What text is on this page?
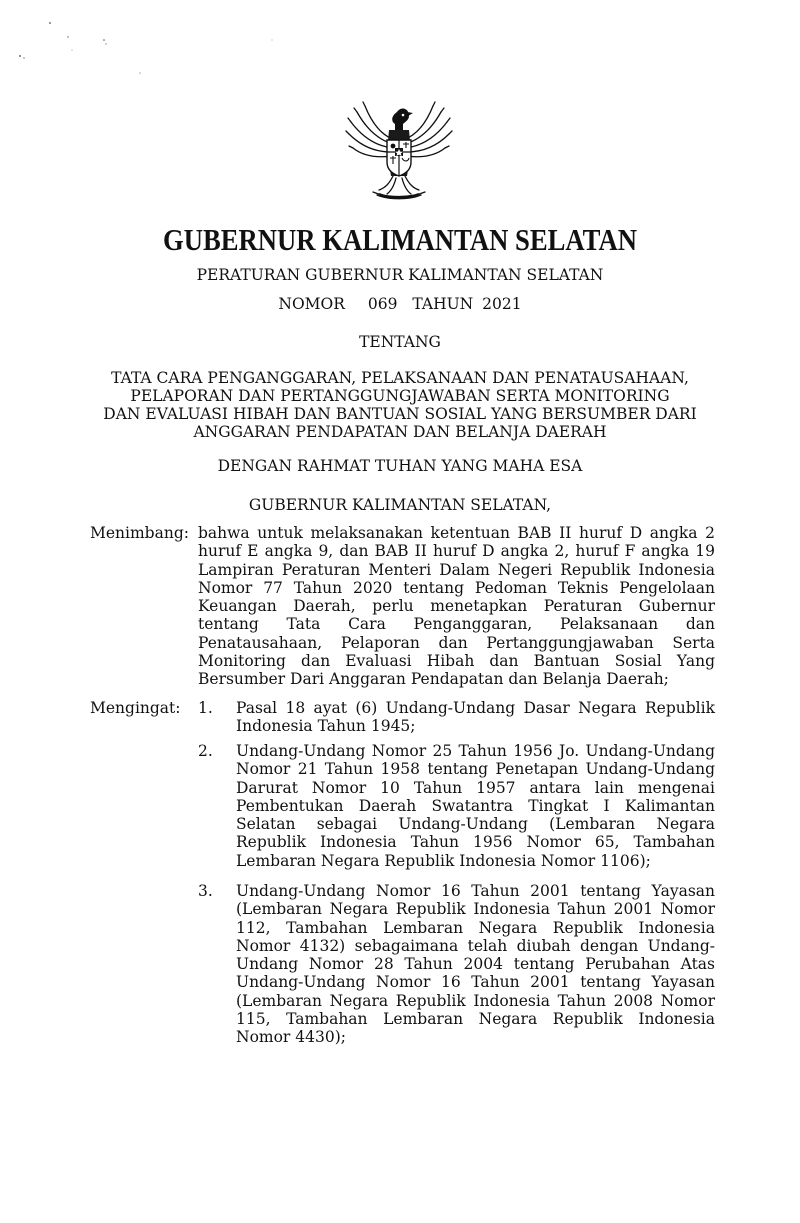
GUBERNUR KALIMANTAN SELATAN
PERATURAN GUBERNUR KALIMANTAN SELATAN
NOMOR 069 TAHUN 2021
TENTANG
TATA CARA PENGANGGARAN, PELAKSANAAN DAN PENATAUSAHAAN,
PELAPORAN DAN PERTANGGUNGJAWABAN SERTA MONITORING
DAN EVALUASI HIBAH DAN BANTUAN SOSIAL YANG BERSUMBER DARI
ANGGARAN PENDAPATAN DAN BELANJA DAERAH
DENGAN RAHMAT TUHAN YANG MAHA ESA
GUBERNUR KALIMANTAN SELATAN,
Menimbang: bahwa untuk melaksanakan ketentuan BAB II huruf D angka 2 huruf E angka 9, dan BAB II huruf D angka 2, huruf F angka 19 Lampiran Peraturan Menteri Dalam Negeri Republik Indonesia Nomor 77 Tahun 2020 tentang Pedoman Teknis Pengelolaan Keuangan Daerah, perlu menetapkan Peraturan Gubernur tentang Tata Cara Penganggaran, Pelaksanaan dan Penatausahaan, Pelaporan dan Pertanggungjawaban Serta Monitoring dan Evaluasi Hibah dan Bantuan Sosial Yang Bersumber Dari Anggaran Pendapatan dan Belanja Daerah;
Mengingat: 1. Pasal 18 ayat (6) Undang-Undang Dasar Negara Republik Indonesia Tahun 1945;
2. Undang-Undang Nomor 25 Tahun 1956 Jo. Undang-Undang Nomor 21 Tahun 1958 tentang Penetapan Undang-Undang Darurat Nomor 10 Tahun 1957 antara lain mengenai Pembentukan Daerah Swatantra Tingkat I Kalimantan Selatan sebagai Undang-Undang (Lembaran Negara Republik Indonesia Tahun 1956 Nomor 65, Tambahan Lembaran Negara Republik Indonesia Nomor 1106);
3. Undang-Undang Nomor 16 Tahun 2001 tentang Yayasan (Lembaran Negara Republik Indonesia Tahun 2001 Nomor 112, Tambahan Lembaran Negara Republik Indonesia Nomor 4132) sebagaimana telah diubah dengan Undang-Undang Nomor 28 Tahun 2004 tentang Perubahan Atas Undang-Undang Nomor 16 Tahun 2001 tentang Yayasan (Lembaran Negara Republik Indonesia Tahun 2008 Nomor 115, Tambahan Lembaran Negara Republik Indonesia Nomor 4430);
